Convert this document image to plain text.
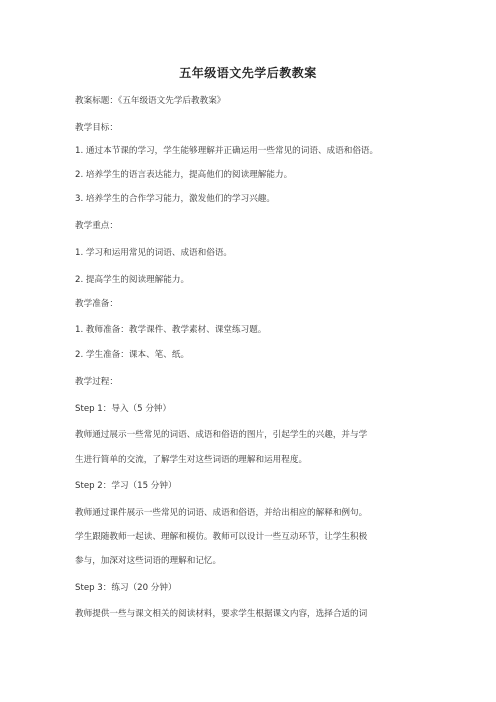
五年级语文先学后教教案
教案标题：《五年级语文先学后教教案》
教学目标：
1. 通过本节课的学习，学生能够理解并正确运用一些常见的词语、成语和俗语。
2. 培养学生的语言表达能力，提高他们的阅读理解能力。
3. 培养学生的合作学习能力，激发他们的学习兴趣。
教学重点：
1. 学习和运用常见的词语、成语和俗语。
2. 提高学生的阅读理解能力。
教学准备：
1. 教师准备：教学课件、教学素材、课堂练习题。
2. 学生准备：课本、笔、纸。
教学过程：
Step 1：导入（5 分钟）
教师通过展示一些常见的词语、成语和俗语的图片，引起学生的兴趣，并与学
生进行简单的交流，了解学生对这些词语的理解和运用程度。
Step 2：学习（15 分钟）
教师通过课件展示一些常见的词语、成语和俗语，并给出相应的解释和例句。
学生跟随教师一起读、理解和模仿。教师可以设计一些互动环节，让学生积极
参与，加深对这些词语的理解和记忆。
Step 3：练习（20 分钟）
教师提供一些与课文相关的阅读材料，要求学生根据课文内容，选择合适的词
